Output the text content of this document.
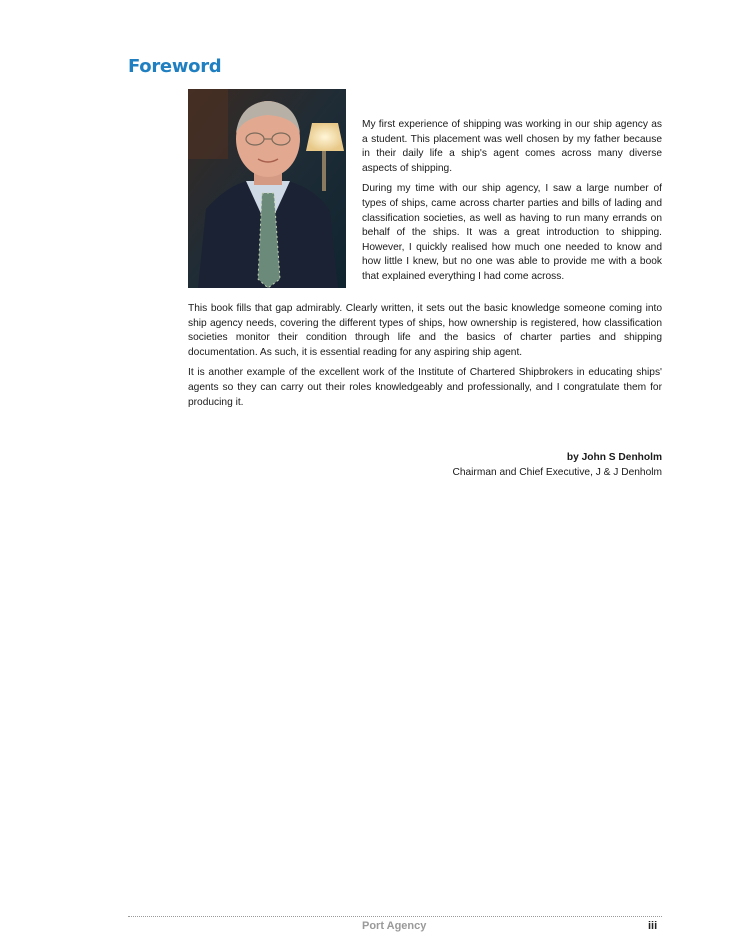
Foreword

My first experience of shipping was working in our ship agency as a student. This placement was well chosen by my father because in their daily life a ship's agent comes across many diverse aspects of shipping.

During my time with our ship agency, I saw a large number of types of ships, came across charter parties and bills of lading and classification societies, as well as having to run many errands on behalf of the ships. It was a great introduction to shipping. However, I quickly realised how much one needed to know and how little I knew, but no one was able to provide me with a book that explained everything I had come across.

This book fills that gap admirably. Clearly written, it sets out the basic knowledge someone coming into ship agency needs, covering the different types of ships, how ownership is registered, how classification societies monitor their condition through life and the basics of charter parties and shipping documentation. As such, it is essential reading for any aspiring ship agent.

It is another example of the excellent work of the Institute of Chartered Shipbrokers in educating ships' agents so they can carry out their roles knowledgeably and professionally, and I congratulate them for producing it.

by John S Denholm
Chairman and Chief Executive, J & J Denholm
Port Agency	iii
